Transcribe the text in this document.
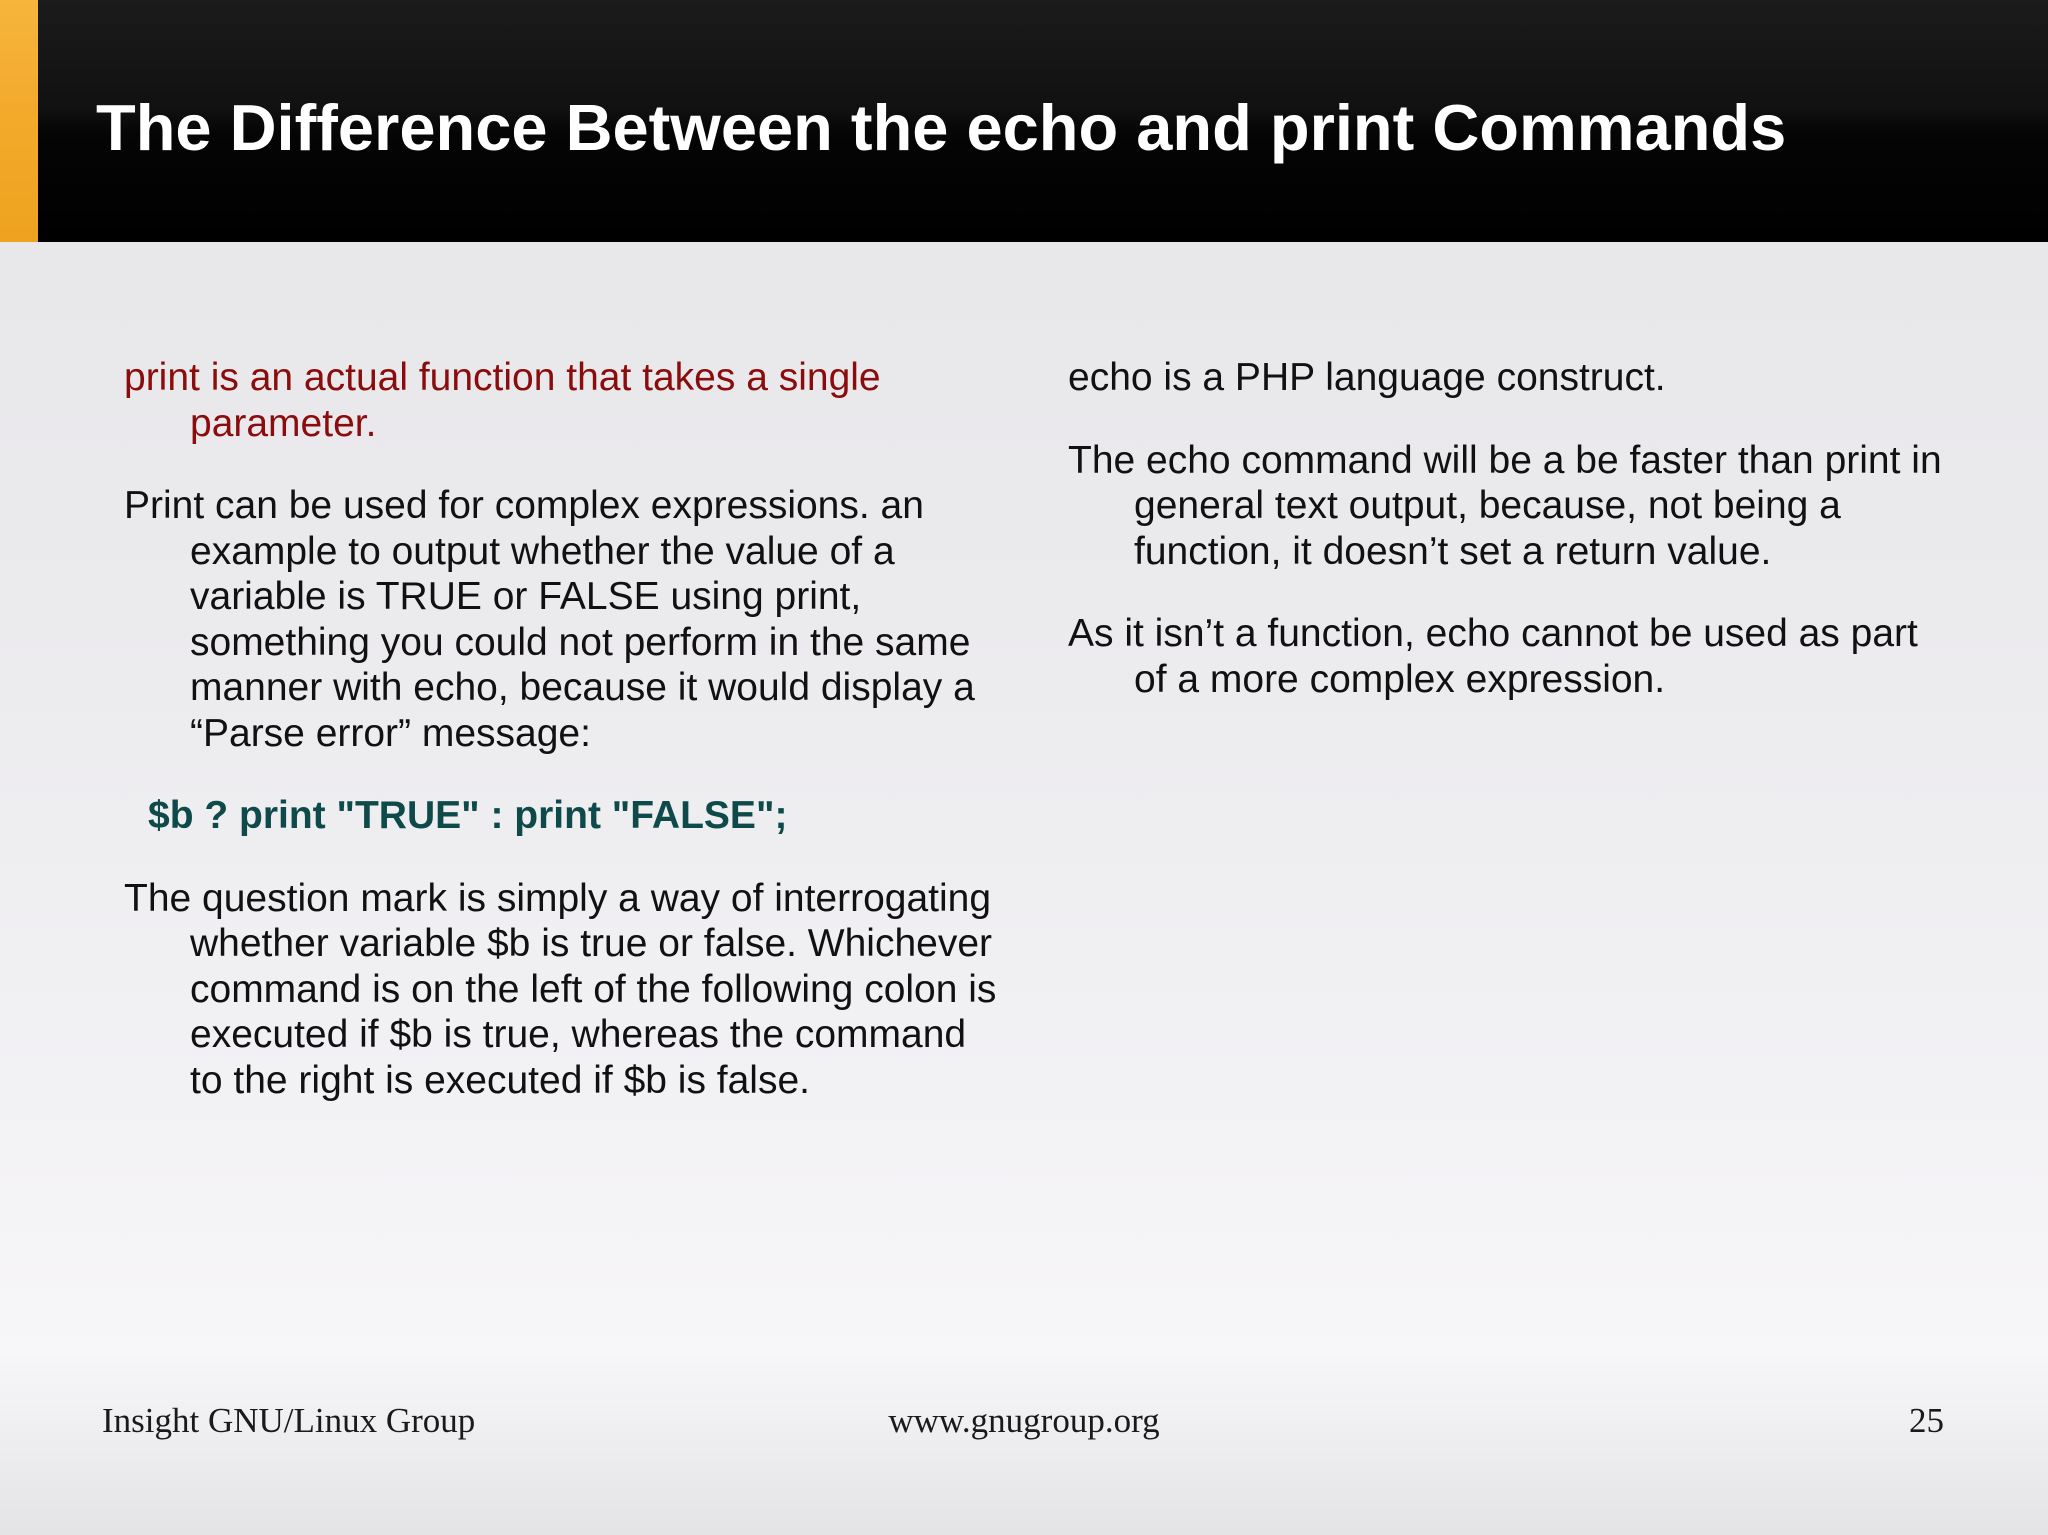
The Difference Between the echo and print Commands

print is an actual function that takes a single parameter.

Print can be used for complex expressions. an example to output whether the value of a variable is TRUE or FALSE using print, something you could not perform in the same manner with echo, because it would display a “Parse error” message:

$b ? print "TRUE" : print "FALSE";

The question mark is simply a way of interrogating whether variable $b is true or false. Whichever command is on the left of the following colon is executed if $b is true, whereas the command to the right is executed if $b is false.

echo is a PHP language construct.

The echo command will be a be faster than print in general text output, because, not being a function, it doesn’t set a return value.

As it isn’t a function, echo cannot be used as part of a more complex expression.

Insight GNU/Linux Group	www.gnugroup.org	25
